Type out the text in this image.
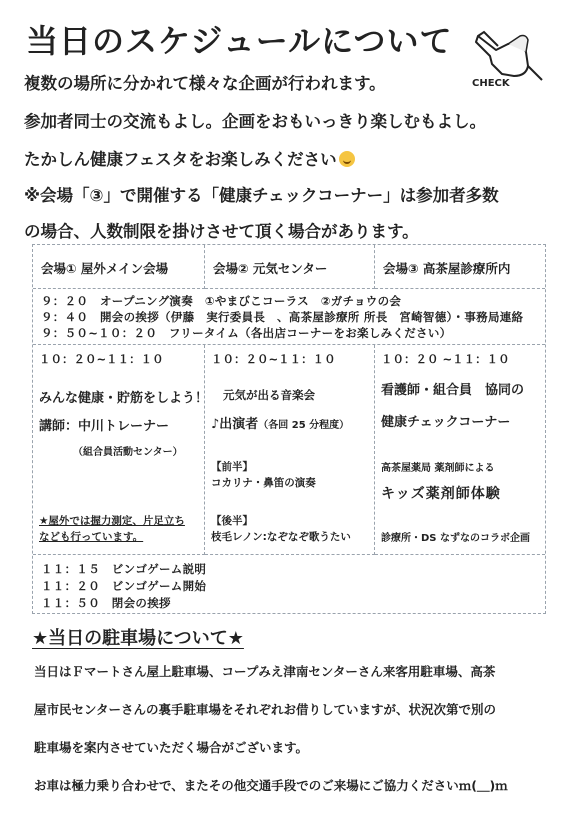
当日のスケジュールについて
CHECK
複数の場所に分かれて様々な企画が行われます。
参加者同士の交流もよし。企画をおもいっきり楽しむもよし。
たかしん健康フェスタをお楽しみください
※会場「③」で開催する「健康チェックコーナー」は参加者多数
の場合、人数制限を掛けさせて頂く場合があります。
会場① 屋外メイン会場	会場② 元気センター	会場③ 高茶屋診療所内
９：２０　オープニング演奏　①やまびこコーラス　②ガチョウの会
９：４０　開会の挨拶（伊藤　実行委員長　、高茶屋診療所 所長　宮崎智德）・事務局連絡
９：５０~１０：２０　フリータイム（各出店コーナーをお楽しみください）
１０：２０~１１：１０
みんな健康・貯筋をしよう！
講師：中川トレーナー
（組合員活動センター）
★屋外では握力測定、片足立ち
なども行っています。
１０：２０~１１：１０
元気が出る音楽会
♪出演者（各回 25 分程度）
【前半】
コカリナ・鼻笛の演奏
【後半】
枝毛レノン:なぞなぞ歌うたい
１０：２０ ~１１：１０
看護師・組合員　協同の
健康チェックコーナー
高茶屋薬局 薬剤師による
キッズ薬剤師体験
診療所・DS なずなのコラボ企画
１１：１５　ビンゴゲーム説明
１１：２０　ビンゴゲーム開始
１１：５０　閉会の挨拶
★当日の駐車場について★
当日はＦマートさん屋上駐車場、コープみえ津南センターさん来客用駐車場、高茶
屋市民センターさんの裏手駐車場をそれぞれお借りしていますが、状況次第で別の
駐車場を案内させていただく場合がございます。
お車は極力乗り合わせで、またその他交通手段でのご来場にご協力くださいｍ(＿)ｍ
